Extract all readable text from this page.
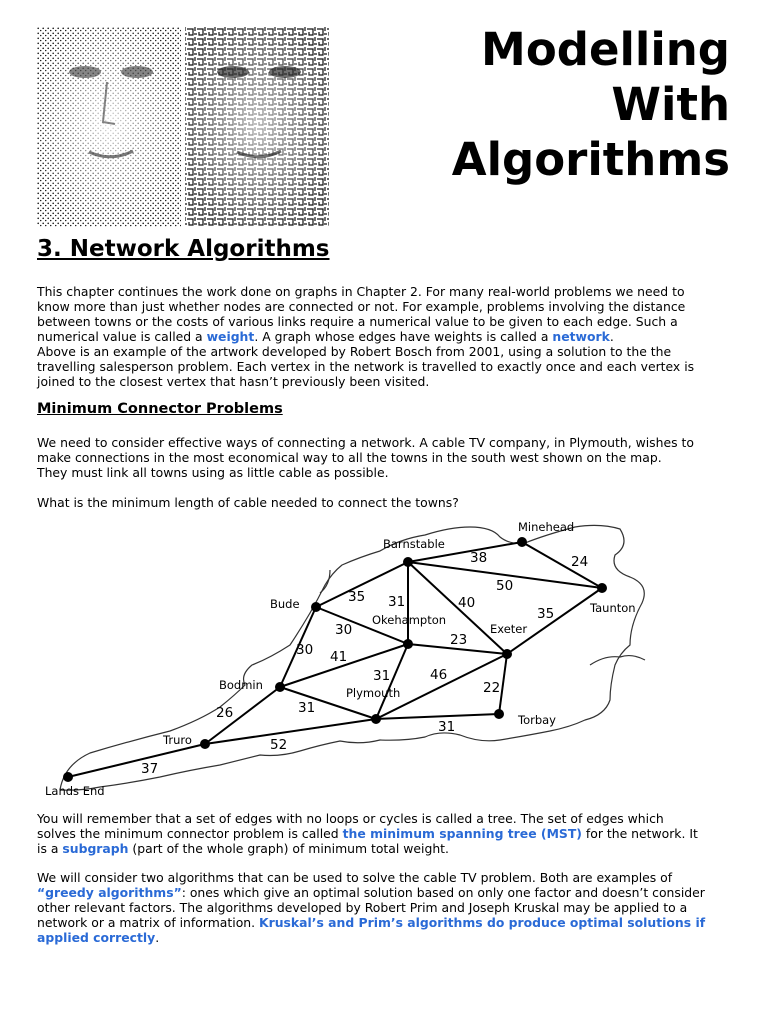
Modelling
With
Algorithms
3. Network Algorithms

This chapter continues the work done on graphs in Chapter 2. For many real-world problems we need to
know more than just whether nodes are connected or not. For example, problems involving the distance
between towns or the costs of various links require a numerical value to be given to each edge. Such a
numerical value is called a weight. A graph whose edges have weights is called a network.
Above is an example of the artwork developed by Robert Bosch from 2001, using a solution to the the
travelling salesperson problem. Each vertex in the network is travelled to exactly once and each vertex is
joined to the closest vertex that hasn’t previously been visited.

Minimum Connector Problems

We need to consider effective ways of connecting a network. A cable TV company, in Plymouth, wishes to
make connections in the most economical way to all the towns in the south west shown on the map.
They must link all towns using as little cable as possible.

What is the minimum length of cable needed to connect the towns?

Minehead
Barnstable
Taunton
Bude
Okehampton
Exeter
Bodmin
Plymouth
Torbay
Truro
Lands End
38	24
50
35 31	40
30
35
23
30 41
31	46
22
26	31
31
52
37

You will remember that a set of edges with no loops or cycles is called a tree. The set of edges which
solves the minimum connector problem is called the minimum spanning tree (MST) for the network. It
is a subgraph (part of the whole graph) of minimum total weight.

We will consider two algorithms that can be used to solve the cable TV problem. Both are examples of
“greedy algorithms”: ones which give an optimal solution based on only one factor and doesn’t consider
other relevant factors. The algorithms developed by Robert Prim and Joseph Kruskal may be applied to a
network or a matrix of information. Kruskal’s and Prim’s algorithms do produce optimal solutions if
applied correctly.
